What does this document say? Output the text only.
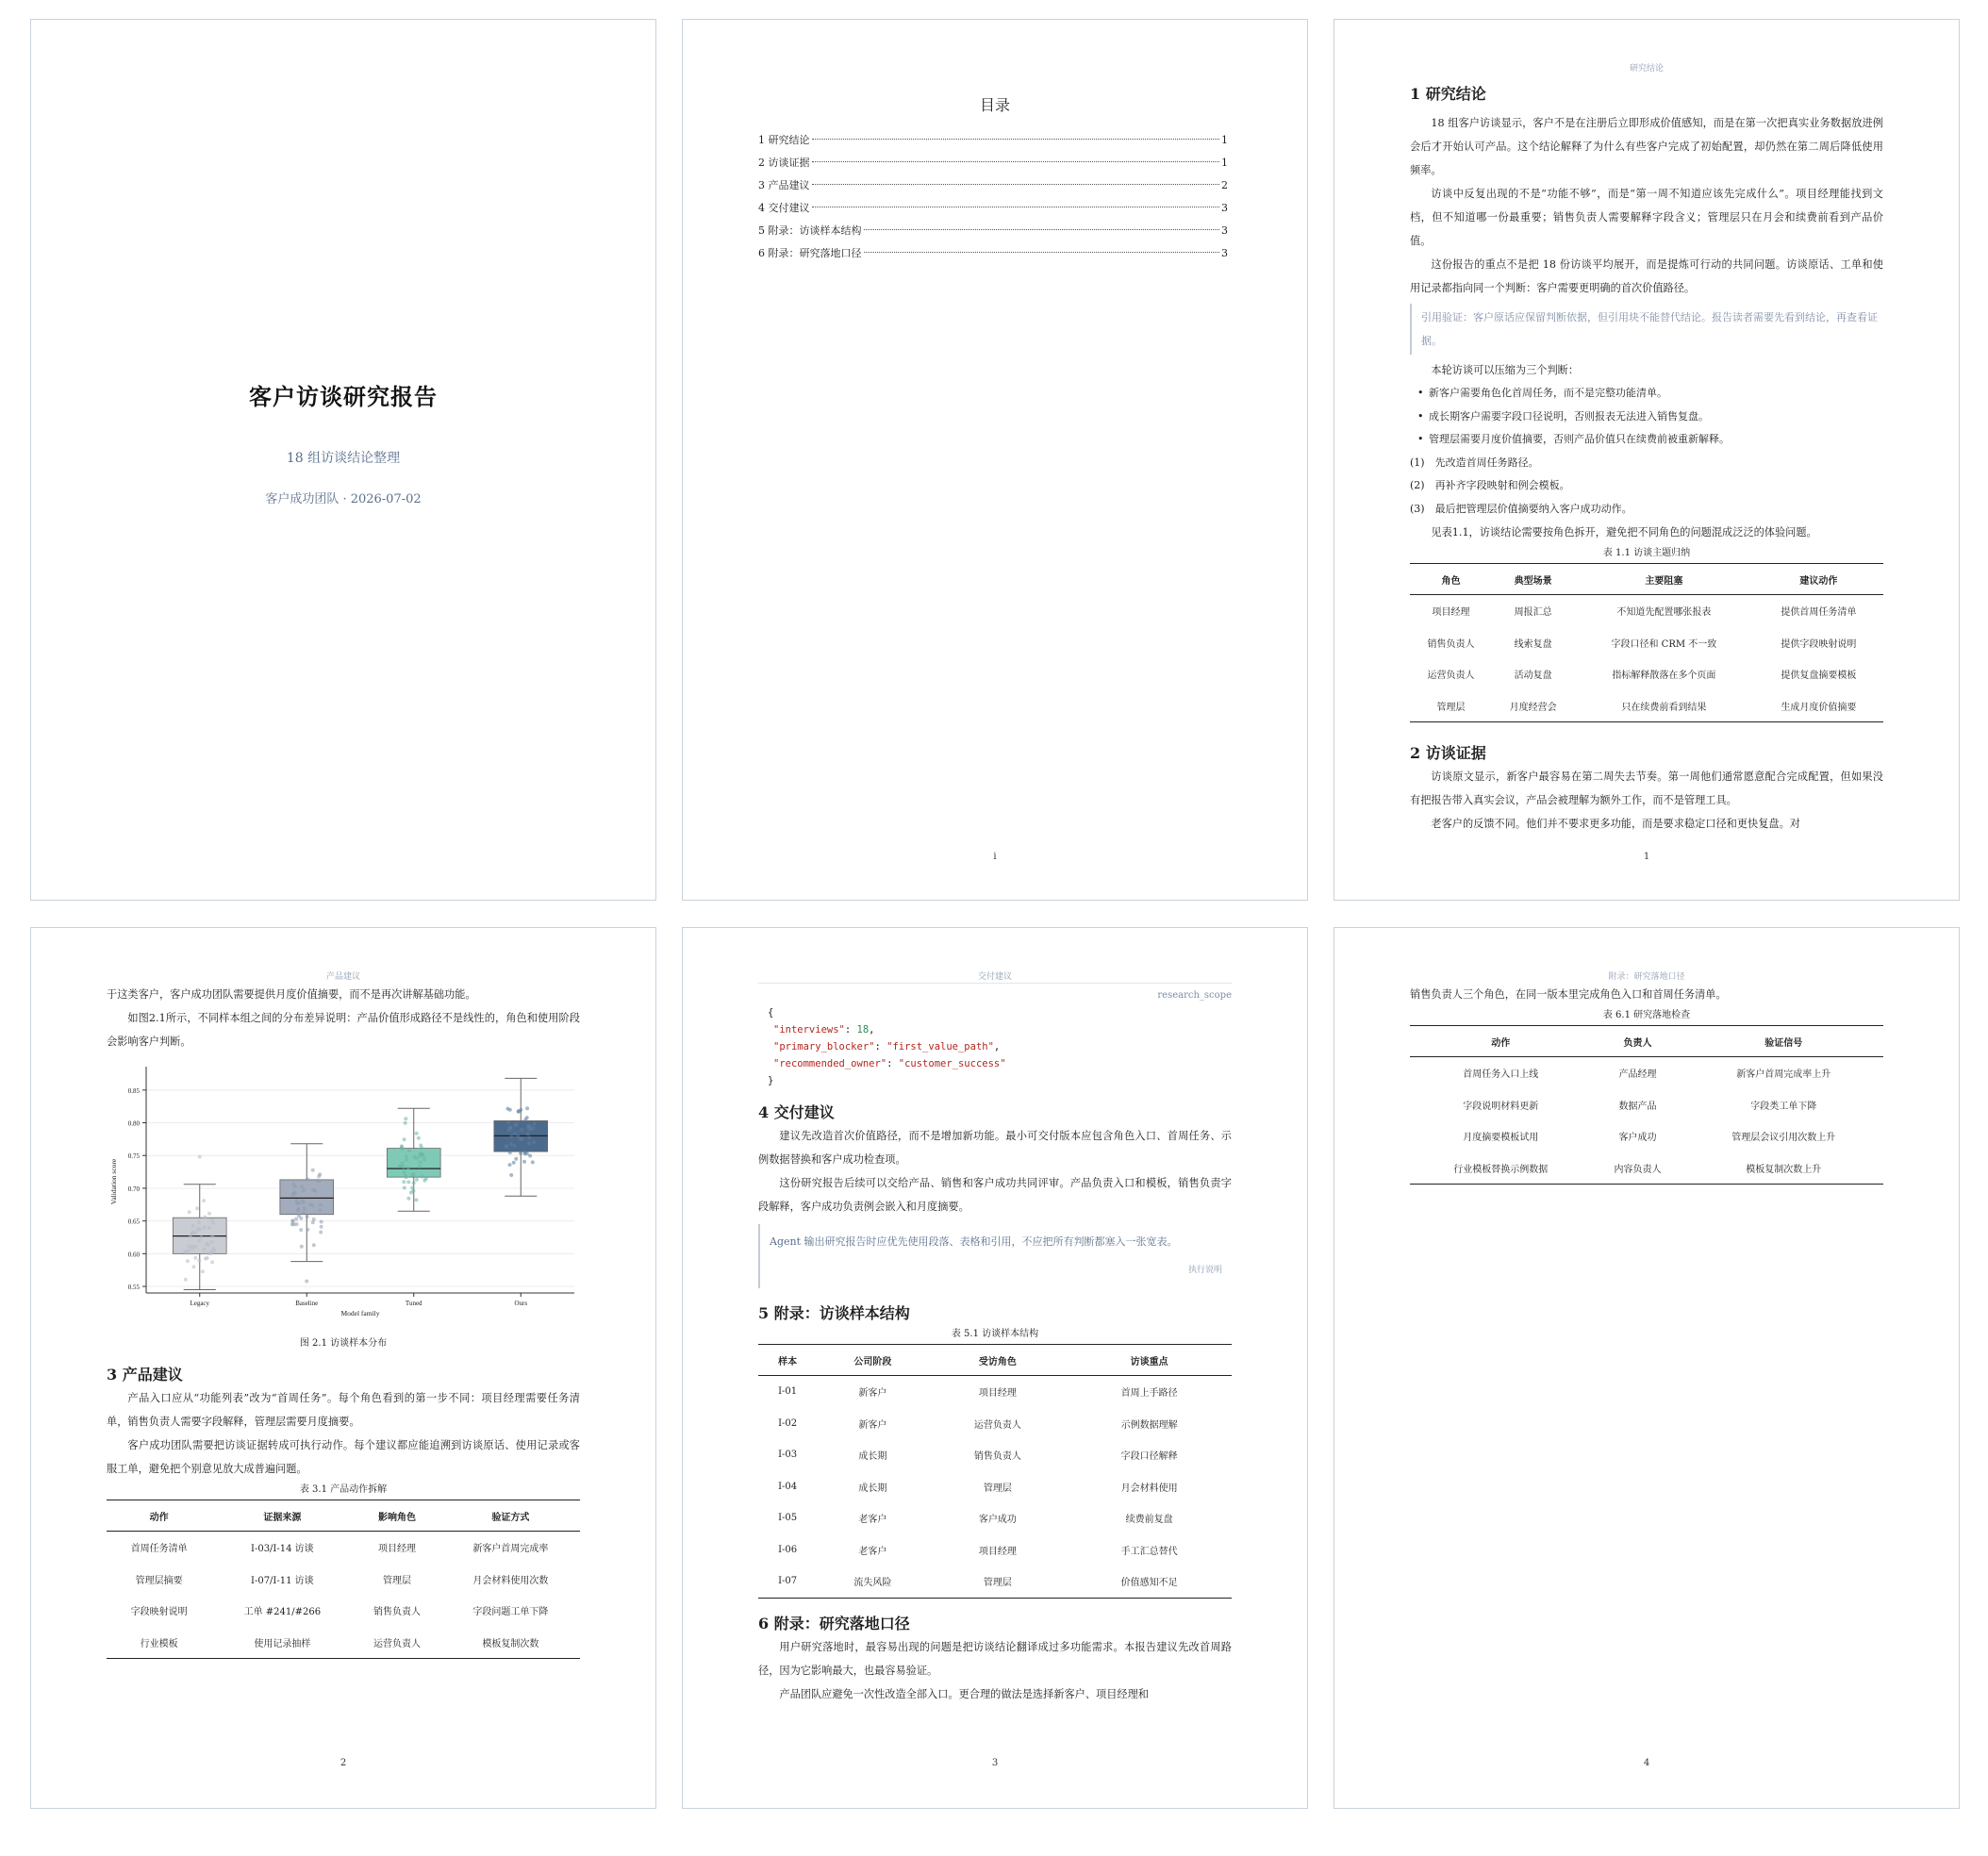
客户访谈研究报告
18 组访谈结论整理
客户成功团队 · 2026-07-02
目录
1 研究结论	1
2 访谈证据	1
3 产品建议	2
4 交付建议	3
5 附录：访谈样本结构	3
6 附录：研究落地口径	3
i
研究结论
1 研究结论

18 组客户访谈显示，客户不是在注册后立即形成价值感知，而是在第一次把真实业务数据放进例会后才开始认可产品。这个结论解释了为什么有些客户完成了初始配置，却仍然在第二周后降低使用频率。

访谈中反复出现的不是“功能不够”，而是“第一周不知道应该先完成什么”。项目经理能找到文档，但不知道哪一份最重要；销售负责人需要解释字段含义；管理层只在月会和续费前看到产品价值。

这份报告的重点不是把 18 份访谈平均展开，而是提炼可行动的共同问题。访谈原话、工单和使用记录都指向同一个判断：客户需要更明确的首次价值路径。

引用验证：客户原话应保留判断依据，但引用块不能替代结论。报告读者需要先看到结论，再查看证据。

本轮访谈可以压缩为三个判断：

• 新客户需要角色化首周任务，而不是完整功能清单。
• 成长期客户需要字段口径说明，否则报表无法进入销售复盘。
• 管理层需要月度价值摘要，否则产品价值只在续费前被重新解释。
(1) 先改造首周任务路径。
(2) 再补齐字段映射和例会模板。
(3) 最后把管理层价值摘要纳入客户成功动作。

见表1.1，访谈结论需要按角色拆开，避免把不同角色的问题混成泛泛的体验问题。

表 1.1 访谈主题归纳
角色	典型场景	主要阻塞	建议动作
项目经理	周报汇总	不知道先配置哪张报表	提供首周任务清单
销售负责人	线索复盘	字段口径和 CRM 不一致	提供字段映射说明
运营负责人	活动复盘	指标解释散落在多个页面	提供复盘摘要模板
管理层	月度经营会	只在续费前看到结果	生成月度价值摘要
2 访谈证据

访谈原文显示，新客户最容易在第二周失去节奏。第一周他们通常愿意配合完成配置，但如果没有把报告带入真实会议，产品会被理解为额外工作，而不是管理工具。

老客户的反馈不同。他们并不要求更多功能，而是要求稳定口径和更快复盘。对

1
产品建议

于这类客户，客户成功团队需要提供月度价值摘要，而不是再次讲解基础功能。

如图2.1所示，不同样本组之间的分布差异说明：产品价值形成路径不是线性的，角色和使用阶段会影响客户判断。

0.55
0.60
0.65
0.70
0.75
0.80
0.85
Legacy	Baseline	Tuned	Ours
Model family
Validation score
图 2.1 访谈样本分布
3 产品建议

产品入口应从“功能列表”改为“首周任务”。每个角色看到的第一步不同：项目经理需要任务清单，销售负责人需要字段解释，管理层需要月度摘要。

客户成功团队需要把访谈证据转成可执行动作。每个建议都应能追溯到访谈原话、使用记录或客服工单，避免把个别意见放大成普遍问题。

表 3.1 产品动作拆解
动作	证据来源	影响角色	验证方式
首周任务清单	I-03/I-14 访谈	项目经理	新客户首周完成率
管理层摘要	I-07/I-11 访谈	管理层	月会材料使用次数
字段映射说明	工单 #241/#266	销售负责人	字段问题工单下降
行业模板	使用记录抽样	运营负责人	模板复制次数
2
交付建议
research_scope
{
"interviews": 18,
"primary_blocker": "first_value_path",
"recommended_owner": "customer_success"
}
4 交付建议

建议先改造首次价值路径，而不是增加新功能。最小可交付版本应包含角色入口、首周任务、示例数据替换和客户成功检查项。

这份研究报告后续可以交给产品、销售和客户成功共同评审。产品负责入口和模板，销售负责字段解释，客户成功负责例会嵌入和月度摘要。

Agent 输出研究报告时应优先使用段落、表格和引用，不应把所有判断都塞入一张宽表。
执行说明
5 附录：访谈样本结构
表 5.1 访谈样本结构
样本	公司阶段	受访角色	访谈重点
I-01	新客户	项目经理	首周上手路径
I-02	新客户	运营负责人	示例数据理解
I-03	成长期	销售负责人	字段口径解释
I-04	成长期	管理层	月会材料使用
I-05	老客户	客户成功	续费前复盘
I-06	老客户	项目经理	手工汇总替代
I-07	流失风险	管理层	价值感知不足
6 附录：研究落地口径

用户研究落地时，最容易出现的问题是把访谈结论翻译成过多功能需求。本报告建议先改首周路径，因为它影响最大，也最容易验证。

产品团队应避免一次性改造全部入口。更合理的做法是选择新客户、项目经理和

3
附录：研究落地口径

销售负责人三个角色，在同一版本里完成角色入口和首周任务清单。

表 6.1 研究落地检查
动作	负责人	验证信号
首周任务入口上线	产品经理	新客户首周完成率上升
字段说明材料更新	数据产品	字段类工单下降
月度摘要模板试用	客户成功	管理层会议引用次数上升
行业模板替换示例数据	内容负责人	模板复制次数上升
4
